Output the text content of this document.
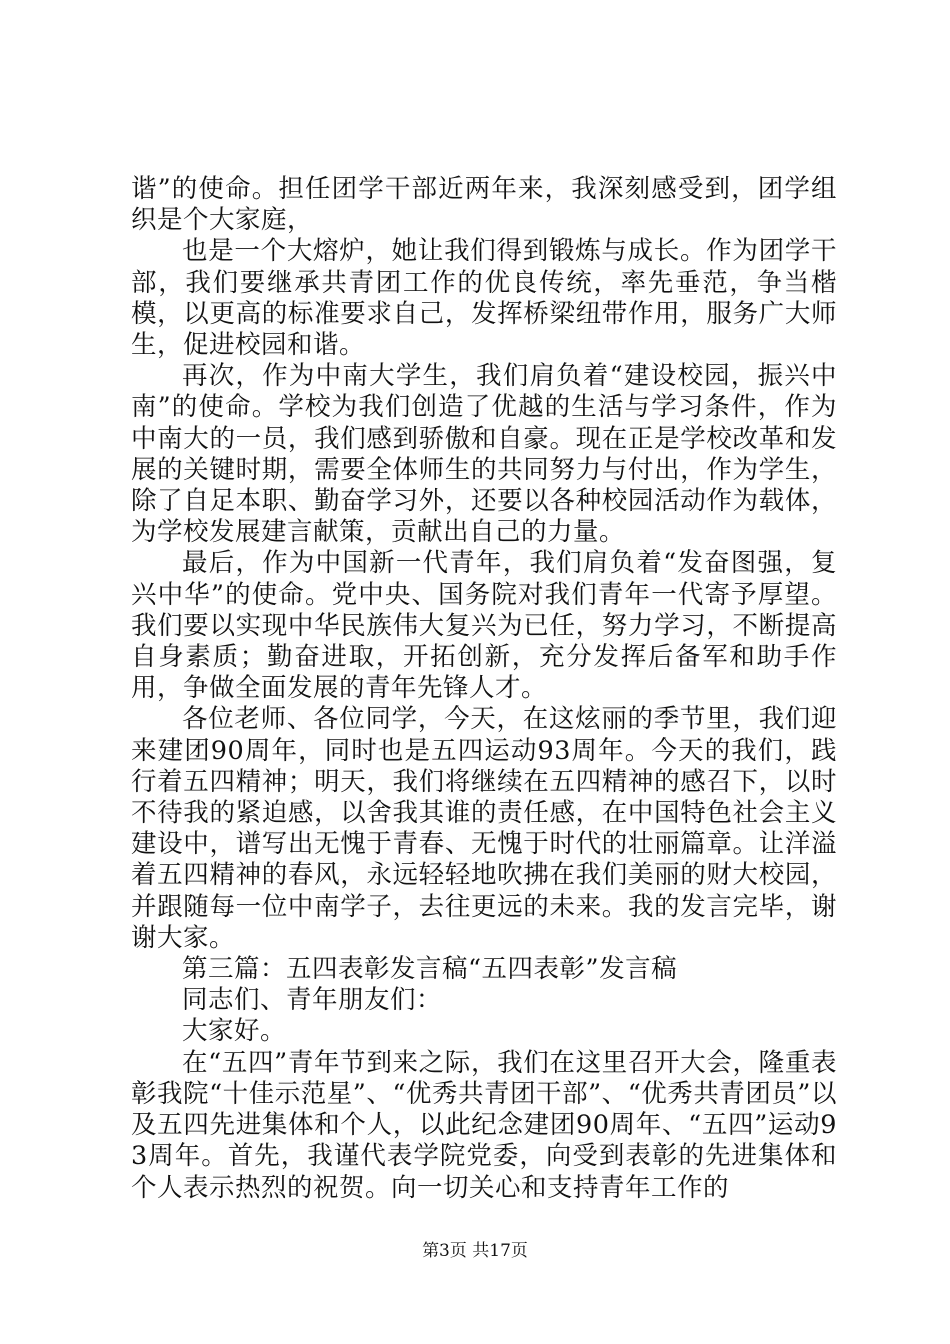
谐”的使命。担任团学干部近两年来，我深刻感受到，团学组织是个大家庭，

也是一个大熔炉，她让我们得到锻炼与成长。作为团学干部，我们要继承共青团工作的优良传统，率先垂范，争当楷模，以更高的标准要求自己，发挥桥梁纽带作用，服务广大师生，促进校园和谐。

再次，作为中南大学生，我们肩负着“建设校园，振兴中南”的使命。学校为我们创造了优越的生活与学习条件，作为中南大的一员，我们感到骄傲和自豪。现在正是学校改革和发展的关键时期，需要全体师生的共同努力与付出，作为学生，除了自足本职、勤奋学习外，还要以各种校园活动作为载体，为学校发展建言献策，贡献出自己的力量。

最后，作为中国新一代青年，我们肩负着“发奋图强，复兴中华”的使命。党中央、国务院对我们青年一代寄予厚望。我们要以实现中华民族伟大复兴为已任，努力学习，不断提高自身素质；勤奋进取，开拓创新，充分发挥后备军和助手作用，争做全面发展的青年先锋人才。

各位老师、各位同学，今天，在这炫丽的季节里，我们迎来建团90周年，同时也是五四运动93周年。今天的我们，践行着五四精神；明天，我们将继续在五四精神的感召下，以时不待我的紧迫感，以舍我其谁的责任感，在中国特色社会主义建设中，谱写出无愧于青春、无愧于时代的壮丽篇章。让洋溢着五四精神的春风，永远轻轻地吹拂在我们美丽的财大校园，并跟随每一位中南学子，去往更远的未来。我的发言完毕，谢谢大家。

第三篇：五四表彰发言稿“五四表彰”发言稿

同志们、青年朋友们：

大家好。

在“五四”青年节到来之际，我们在这里召开大会，隆重表彰我院“十佳示范星”、“优秀共青团干部”、“优秀共青团员”以及五四先进集体和个人，以此纪念建团90周年、“五四”运动93周年。首先，我谨代表学院党委，向受到表彰的先进集体和个人表示热烈的祝贺。向一切关心和支持青年工作的

第3页 共17页
